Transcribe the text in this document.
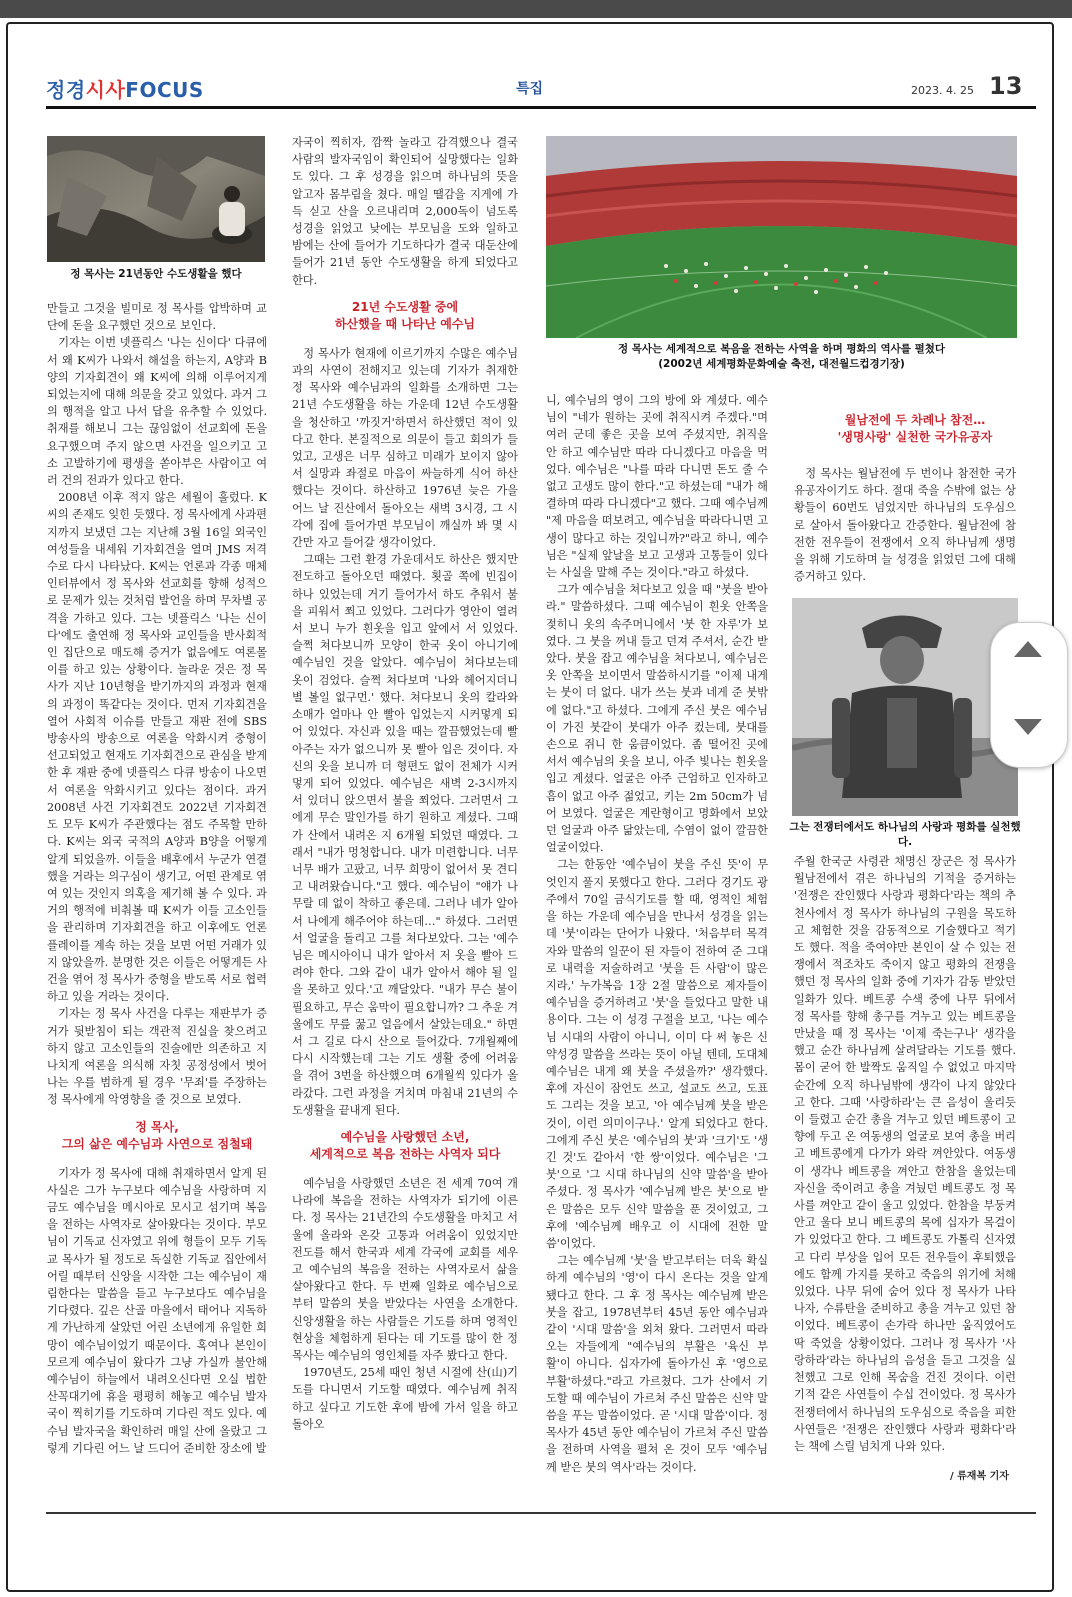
정경시사FOCUS	특집	2023. 4. 25 13
정 목사는 21년동안 수도생활을 했다
정 목사는 세계적으로 복음을 전하는 사역을 하며 평화의 역사를 펼쳤다
(2002년 세계평화문화예술 축전, 대전월드컵경기장)
그는 전쟁터에서도 하나님의 사랑과 평화를 실천했다.

만들고 그것을 빌미로 정 목사를 압박하며 교단에 돈을 요구했던 것으로 보인다.

기자는 이번 넷플릭스 '나는 신이다' 다큐에서 왜 K씨가 나와서 해설을 하는지, A양과 B양의 기자회견이 왜 K씨에 의해 이루어지게 되었는지에 대해 의문을 갖고 있었다. 과거 그의 행적을 알고 나서 답을 유추할 수 있었다. 취재를 해보니 그는 끊임없이 선교회에 돈을 요구했으며 주지 않으면 사건을 일으키고 고소 고발하기에 평생을 쏟아부은 사람이고 여러 건의 전과가 있다고 한다.

2008년 이후 적지 않은 세월이 흘렀다. K씨의 존재도 잊힌 듯했다. 정 목사에게 사과편지까지 보냈던 그는 지난해 3월 16일 외국인 여성들을 내세워 기자회견을 열며 JMS 저격수로 다시 나타났다. K씨는 언론과 각종 매체 인터뷰에서 정 목사와 선교회를 향해 성적으로 문제가 있는 것처럼 발언을 하며 무차별 공격을 가하고 있다. 그는 넷플릭스 '나는 신이다'에도 출연해 정 목사와 교인들을 반사회적인 집단으로 매도해 증거가 없음에도 여론몰이를 하고 있는 상황이다. 놀라운 것은 정 목사가 지난 10년형을 받기까지의 과정과 현재의 과정이 똑같다는 것이다. 먼저 기자회견을 열어 사회적 이슈를 만들고 재판 전에 SBS 방송사의 방송으로 여론을 악화시켜 중형이 선고되었고 현재도 기자회견으로 관심을 받게 한 후 재판 중에 넷플릭스 다큐 방송이 나오면서 여론을 악화시키고 있다는 점이다. 과거 2008년 사건 기자회견도 2022년 기자회견도 모두 K씨가 주관했다는 점도 주목할 만하다. K씨는 외국 국적의 A양과 B양을 어떻게 알게 되었을까. 이들을 배후에서 누군가 연결했을 거라는 의구심이 생기고, 어떤 관계로 엮여 있는 것인지 의혹을 제기해 볼 수 있다. 과거의 행적에 비춰볼 때 K씨가 이들 고소인들을 관리하며 기자회견을 하고 이후에도 언론 플레이를 계속 하는 것을 보면 어떤 거래가 있지 않았을까. 분명한 것은 이들은 어떻게든 사건을 엮어 정 목사가 중형을 받도록 서로 협력하고 있을 거라는 것이다.

기자는 정 목사 사건을 다루는 재판부가 증거가 뒷받침이 되는 객관적 진실을 찾으려고 하지 않고 고소인들의 진술에만 의존하고 지나치게 여론을 의식해 자칫 공정성에서 벗어나는 우를 범하게 될 경우 '무죄'를 주장하는 정 목사에게 악영향을 줄 것으로 보였다.

정 목사,
그의 삶은 예수님과 사연으로 점철돼

기자가 정 목사에 대해 취재하면서 알게 된 사실은 그가 누구보다 예수님을 사랑하며 지금도 예수님을 메시아로 모시고 섬기며 복음을 전하는 사역자로 살아왔다는 것이다. 부모님이 기독교 신자였고 위에 형들이 모두 기독교 목사가 될 정도로 독실한 기독교 집안에서 어릴 때부터 신앙을 시작한 그는 예수님이 재림한다는 말씀을 듣고 누구보다도 예수님을 기다렸다. 깊은 산골 마을에서 태어나 지독하게 가난하게 살았던 어린 소년에게 유일한 희망이 예수님이었기 때문이다. 혹여나 본인이 모르게 예수님이 왔다가 그냥 가실까 불안해 예수님이 하늘에서 내려오신다면 오실 법한 산꼭대기에 휴을 평평히 해놓고 예수님 발자국이 찍히기를 기도하며 기다린 적도 있다. 예수님 발자국을 확인하러 매일 산에 올랐고 그렇게 기다린 어느 날 드디어 준비한 장소에 발

자국이 찍히자, 깜짝 놀라고 감격했으나 결국 사람의 발자국임이 확인되어 실망했다는 일화도 있다. 그 후 성경을 읽으며 하나님의 뜻을 알고자 몸부림을 쳤다. 매일 땔감을 지게에 가득 싣고 산을 오르내리며 2,000독이 넘도록 성경을 읽었고 낮에는 부모님을 도와 일하고 밤에는 산에 들어가 기도하다가 결국 대둔산에 들어가 21년 동안 수도생활을 하게 되었다고 한다.

21년 수도생활 중에
하산했을 때 나타난 예수님

정 목사가 현재에 이르기까지 수많은 예수님과의 사연이 전해지고 있는데 기자가 취재한 정 목사와 예수님과의 일화를 소개하면 그는 21년 수도생활을 하는 가운데 12년 수도생활을 청산하고 '까짓거'하면서 하산했던 적이 있다고 한다. 본질적으로 의문이 들고 회의가 들었고, 고생은 너무 심하고 미래가 보이지 않아서 실망과 좌절로 마음이 싸늘하게 식어 하산했다는 것이다. 하산하고 1976년 늦은 가을 어느 날 진산에서 돌아오는 새벽 3시경, 그 시각에 집에 들어가면 부모님이 깨실까 봐 몇 시간만 자고 들어갈 생각이었다.

그때는 그런 환경 가운데서도 하산은 했지만 전도하고 돌아오던 때였다. 횟골 쪽에 빈집이 하나 있었는데 거기 들어가서 하도 추워서 불을 피워서 쬐고 있었다. 그러다가 영안이 열려서 보니 누가 흰옷을 입고 앞에서 서 있었다. 슬쩍 쳐다보니까 모양이 한국 옷이 아니기에 예수님인 것을 알았다. 예수님이 쳐다보는데 옷이 검었다. 슬쩍 쳐다보며 '나와 헤어지더니 별 볼일 없구먼.' 했다. 쳐다보니 옷의 칼라와 소매가 얼마나 안 빨아 입었는지 시커멓게 되어 있었다. 자신과 있을 때는 깔끔했었는데 빨아주는 자가 없으니까 못 빨아 입은 것이다. 자신의 옷을 보니까 더 형편도 없이 전체가 시커멓게 되어 있었다. 예수님은 새벽 2-3시까지 서 있더니 앉으면서 불을 쬐었다. 그러면서 그에게 무슨 말인가를 하기 원하고 계셨다. 그때가 산에서 내려온 지 6개월 되었던 때였다. 그래서 "내가 멍청합니다. 내가 미련합니다. 너무너무 배가 고팠고, 너무 희망이 없어서 못 견디고 내려왔습니다."고 했다. 예수님이 "얘가 나 무랄 데 없이 착하고 좋은데. 그러나 네가 알아서 나에게 해주어야 하는데…" 하셨다. 그러면서 얼굴을 돌리고 그를 쳐다보았다. 그는 '예수님은 메시아이니 내가 알아서 저 옷을 빨아 드려야 한다. 그와 같이 내가 알아서 해야 될 일을 못하고 있다.'고 깨달았다. "내가 무슨 불이 필요하고, 무슨 움막이 필요합니까? 그 추운 겨울에도 무릎 꿇고 얼음에서 살았는데요." 하면서 그 길로 다시 산으로 들어갔다. 7개월째에 다시 시작했는데 그는 기도 생활 중에 어려움을 겪어 3번을 하산했으며 6개월씩 있다가 올라갔다. 그런 과정을 거치며 마침내 21년의 수도생활을 끝내게 된다.

예수님을 사랑했던 소년,
세계적으로 복음 전하는 사역자 되다

예수님을 사랑했던 소년은 전 세계 70여 개 나라에 복음을 전하는 사역자가 되기에 이른다. 정 목사는 21년간의 수도생활을 마치고 서울에 올라와 온갖 고통과 어려움이 있었지만 전도를 해서 한국과 세계 각국에 교회를 세우고 예수님의 복음을 전하는 사역자로서 삶을 살아왔다고 한다. 두 번째 일화로 예수님으로부터 말씀의 붓을 받았다는 사연을 소개한다. 신앙생활을 하는 사람들은 기도를 하며 영적인 현상을 체험하게 된다는 데 기도를 많이 한 정 목사는 예수님의 영인체를 자주 봤다고 한다.

1970년도, 25세 때인 청년 시절에 산(山)기도를 다니면서 기도할 때였다. 예수님께 취직하고 싶다고 기도한 후에 밤에 가서 일을 하고 돌아오

니, 예수님의 영이 그의 방에 와 계셨다. 예수님이 "네가 원하는 곳에 취직시켜 주겠다."며 여러 군데 좋은 곳을 보여 주셨지만, 취직을 안 하고 예수님만 따라 다니겠다고 마음을 먹었다. 예수님은 "나를 따라 다니면 돈도 줄 수 없고 고생도 많이 한다."고 하셨는데 "내가 해결하며 따라 다니겠다"고 했다. 그때 예수님께 "제 마음을 떠보려고, 예수님을 따라다니면 고생이 많다고 하는 것입니까?"라고 하니, 예수님은 "실제 앞날을 보고 고생과 고통들이 있다는 사실을 말해 주는 것이다."라고 하셨다.

그가 예수님을 쳐다보고 있을 때 "붓을 받아라." 말씀하셨다. 그때 예수님이 흰옷 안쪽을 젖히니 옷의 속주머니에서 '붓 한 자루'가 보였다. 그 붓을 꺼내 들고 던져 주셔서, 순간 받았다. 붓을 잡고 예수님을 쳐다보니, 예수님은 옷 안쪽을 보이면서 말씀하시기를 "이제 내게는 붓이 더 없다. 내가 쓰는 붓과 네게 준 붓밖에 없다."고 하셨다. 그에게 주신 붓은 예수님이 가진 붓같이 붓대가 아주 컸는데, 붓대를 손으로 쥐니 한 움큼이었다. 좀 떨어진 곳에 서서 예수님의 옷을 보니, 아주 빛나는 흰옷을 입고 계셨다. 얼굴은 아주 근엄하고 인자하고 흠이 없고 아주 젊었고, 키는 2m 50cm가 넘어 보였다. 얼굴은 계란형이고 명화에서 보았던 얼굴과 아주 닮았는데, 수염이 없이 깔끔한 얼굴이었다.

그는 한동안 '예수님이 붓을 주신 뜻'이 무엇인지 풀지 못했다고 한다. 그러다 경기도 광주에서 70일 금식기도를 할 때, 영적인 체험을 하는 가운데 예수님을 만나서 성경을 읽는데 '붓'이라는 단어가 나왔다. '처음부터 목격자와 말씀의 일꾼이 된 자들이 전하여 준 그대로 내력을 저술하려고 '붓을 든 사람'이 많은지라,' 누가복음 1장 2절 말씀으로 제자들이 예수님을 증거하려고 '붓'을 들었다고 말한 내용이다. 그는 이 성경 구절을 보고, '나는 예수님 시대의 사람이 아니니, 이미 다 써 놓은 신약성경 말씀을 쓰라는 뜻이 아닐 텐데, 도대체 예수님은 내게 왜 붓을 주셨을까?' 생각했다. 후에 자신이 잠언도 쓰고, 설교도 쓰고, 도표도 그리는 것을 보고, '아 예수님께 붓을 받은 것이, 이런 의미이구나.' 알게 되었다고 한다. 그에게 주신 붓은 '예수님의 붓'과 '크기'도 '생긴 것'도 같아서 '한 쌍'이었다. 예수님은 '그 붓'으로 '그 시대 하나님의 신약 말씀'을 받아 주셨다. 정 목사가 '예수님께 받은 붓'으로 받은 말씀은 모두 신약 말씀을 푼 것이었고, 그 후에 '예수님께 배우고 이 시대에 전한 말씀'이었다.

그는 예수님께 '붓'을 받고부터는 더욱 확실하게 예수님의 '영'이 다시 온다는 것을 알게 됐다고 한다. 그 후 정 목사는 예수님께 받은 붓을 잡고, 1978년부터 45년 동안 예수님과 같이 '시대 말씀'을 외쳐 왔다. 그러면서 따라오는 자들에게 "예수님의 부활은 '육신 부활'이 아니다. 십자가에 돌아가신 후 '영으로 부활'하셨다."라고 가르쳤다. 그가 산에서 기도할 때 예수님이 가르쳐 주신 말씀은 신약 말씀을 푸는 말씀이었다. 곧 '시대 말씀'이다. 정 목사가 45년 동안 예수님이 가르쳐 주신 말씀을 전하며 사역을 펼쳐 온 것이 모두 '예수님께 받은 붓의 역사'라는 것이다.

월남전에 두 차례나 참전…
'생명사랑' 실천한 국가유공자

정 목사는 월남전에 두 번이나 참전한 국가유공자이기도 하다. 절대 죽을 수밖에 없는 상황들이 60번도 넘었지만 하나님의 도우심으로 살아서 돌아왔다고 간증한다. 월남전에 참전한 전우들이 전쟁에서 오직 하나님께 생명을 위해 기도하며 늘 성경을 읽었던 그에 대해 증거하고 있다.

주월 한국군 사령관 채명신 장군은 정 목사가 월남전에서 겪은 하나님의 기적을 증거하는 '전쟁은 잔인했다 사랑과 평화다'라는 책의 추천사에서 정 목사가 하나님의 구원을 목도하고 체험한 것을 감동적으로 기술했다고 적기도 했다. 적을 죽여야만 본인이 살 수 있는 전쟁에서 적조차도 죽이지 않고 평화의 전쟁을 했던 정 목사의 일화 중에 기자가 감동 받았던 일화가 있다. 베트콩 수색 중에 나무 뒤에서 정 목사를 향해 총구를 겨누고 있는 베트콩을 만났을 때 정 목사는 '이제 죽는구나' 생각을 했고 순간 하나님께 살려달라는 기도를 했다. 몸이 굳어 한 발짝도 움직일 수 없었고 마지막 순간에 오직 하나님밖에 생각이 나지 않았다고 한다. 그때 '사랑하라'는 큰 음성이 울리듯이 들렸고 순간 총을 겨누고 있던 베트콩이 고향에 두고 온 여동생의 얼굴로 보여 총을 버리고 베트콩에게 다가가 와락 껴안았다. 여동생이 생각나 베트콩을 껴안고 한참을 울었는데 자신을 죽이려고 총을 겨눴던 베트콩도 정 목사를 껴안고 같이 울고 있었다. 한참을 부둥켜안고 울다 보니 베트콩의 목에 십자가 목걸이가 있었다고 한다. 그 베트콩도 가톨릭 신자였고 다리 부상을 입어 모든 전우들이 후퇴했음에도 함께 가지를 못하고 죽음의 위기에 처해 있었다. 나무 뒤에 숨어 있다 정 목사가 나타나자, 수류탄을 준비하고 총을 겨누고 있던 참이었다. 베트콩이 손가락 하나만 움직였어도 딱 죽었을 상황이었다. 그러나 정 목사가 '사랑하라'라는 하나님의 음성을 듣고 그것을 실천했고 그로 인해 목숨을 건진 것이다. 이런 기적 같은 사연들이 수십 건이었다. 정 목사가 전쟁터에서 하나님의 도우심으로 죽음을 피한 사연들은 '전쟁은 잔인했다 사랑과 평화다'라는 책에 스릴 넘치게 나와 있다.

/ 류재복 기자
